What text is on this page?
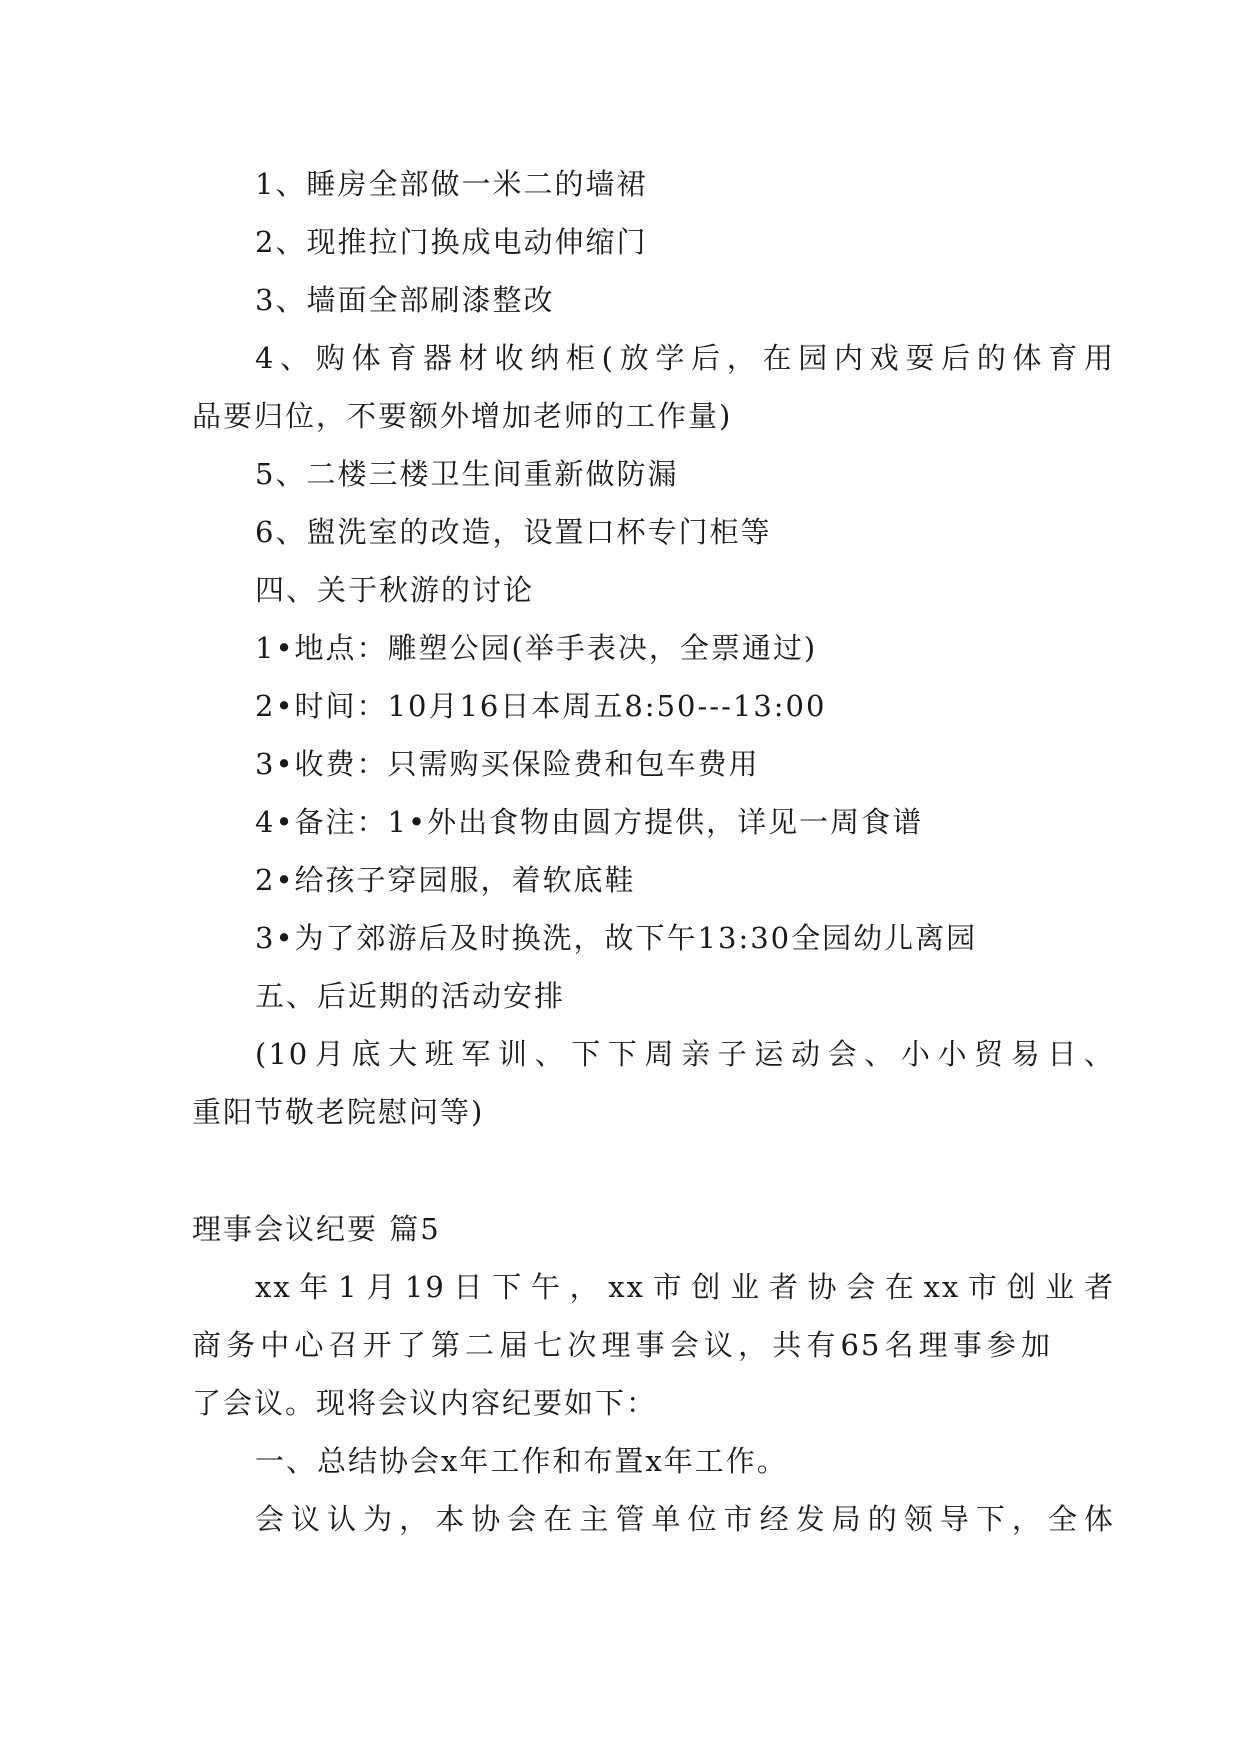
1、睡房全部做一米二的墙裙
2、现推拉门换成电动伸缩门
3、墙面全部刷漆整改
4、购体育器材收纳柜(放学后，在园内戏耍后的体育用
品要归位，不要额外增加老师的工作量)
5、二楼三楼卫生间重新做防漏
6、盥洗室的改造，设置口杯专门柜等
四、关于秋游的讨论
1•地点：雕塑公园(举手表决，全票通过)
2•时间：10月16日本周五8:50---13:00
3•收费：只需购买保险费和包车费用
4•备注：1•外出食物由圆方提供，详见一周食谱
2•给孩子穿园服，着软底鞋
3•为了郊游后及时换洗，故下午13:30全园幼儿离园
五、后近期的活动安排
(10月底大班军训、下下周亲子运动会、小小贸易日、
重阳节敬老院慰问等)
理事会议纪要 篇5
xx年1月19日下午，xx市创业者协会在xx市创业者
商务中心召开了第二届七次理事会议，共有65名理事参加
了会议。现将会议内容纪要如下：
一、总结协会x年工作和布置x年工作。
会议认为，本协会在主管单位市经发局的领导下，全体
